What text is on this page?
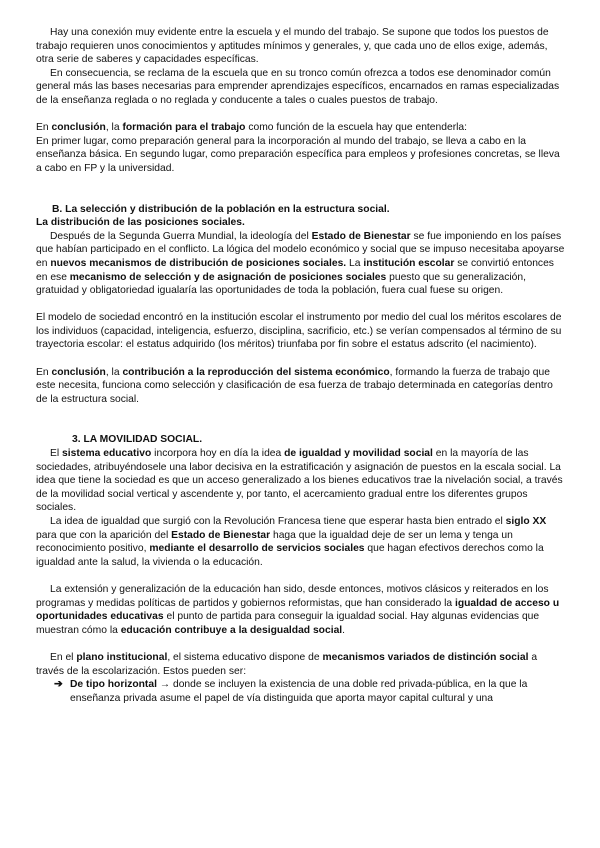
Hay una conexión muy evidente entre la escuela y el mundo del trabajo. Se supone que todos los puestos de trabajo requieren unos conocimientos y aptitudes mínimos y generales, y, que cada uno de ellos exige, además, otra serie de saberes y capacidades específicas.

En consecuencia, se reclama de la escuela que en su tronco común ofrezca a todos ese denominador común general más las bases necesarias para emprender aprendizajes específicos, encarnados en ramas especializadas de la enseñanza reglada o no reglada y conducente a tales o cuales puestos de trabajo.

En conclusión, la formación para el trabajo como función de la escuela hay que entenderla:

En primer lugar, como preparación general para la incorporación al mundo del trabajo, se lleva a cabo en la enseñanza básica. En segundo lugar, como preparación específica para empleos y profesiones concretas, se lleva a cabo en FP y la universidad.

B. La selección y distribución de la población en la estructura social.

La distribución de las posiciones sociales.

Después de la Segunda Guerra Mundial, la ideología del Estado de Bienestar se fue imponiendo en los países que habían participado en el conflicto. La lógica del modelo económico y social que se impuso necesitaba apoyarse en nuevos mecanismos de distribución de posiciones sociales. La institución escolar se convirtió entonces en ese mecanismo de selección y de asignación de posiciones sociales puesto que su generalización, gratuidad y obligatoriedad igualaría las oportunidades de toda la población, fuera cual fuese su origen.

El modelo de sociedad encontró en la institución escolar el instrumento por medio del cual los méritos escolares de los individuos (capacidad, inteligencia, esfuerzo, disciplina, sacrificio, etc.) se verían compensados al término de su trayectoria escolar: el estatus adquirido (los méritos) triunfaba por fin sobre el estatus adscrito (el nacimiento).

En conclusión, la contribución a la reproducción del sistema económico, formando la fuerza de trabajo que este necesita, funciona como selección y clasificación de esa fuerza de trabajo determinada en categorías dentro de la estructura social.

3. LA MOVILIDAD SOCIAL.

El sistema educativo incorpora hoy en día la idea de igualdad y movilidad social en la mayoría de las sociedades, atribuyéndosele una labor decisiva en la estratificación y asignación de puestos en la escala social. La idea que tiene la sociedad es que un acceso generalizado a los bienes educativos trae la nivelación social, a través de la movilidad social vertical y ascendente y, por tanto, el acercamiento gradual entre los diferentes grupos sociales.

La idea de igualdad que surgió con la Revolución Francesa tiene que esperar hasta bien entrado el siglo XX para que con la aparición del Estado de Bienestar haga que la igualdad deje de ser un lema y tenga un reconocimiento positivo, mediante el desarrollo de servicios sociales que hagan efectivos derechos como la igualdad ante la salud, la vivienda o la educación.

La extensión y generalización de la educación han sido, desde entonces, motivos clásicos y reiterados en los programas y medidas políticas de partidos y gobiernos reformistas, que han considerado la igualdad de acceso u oportunidades educativas el punto de partida para conseguir la igualdad social. Hay algunas evidencias que muestran cómo la educación contribuye a la desigualdad social.

En el plano institucional, el sistema educativo dispone de mecanismos variados de distinción social a través de la escolarización. Estos pueden ser:

➔ De tipo horizontal → donde se incluyen la existencia de una doble red privada-pública, en la que la enseñanza privada asume el papel de vía distinguida que aporta mayor capital cultural y una
